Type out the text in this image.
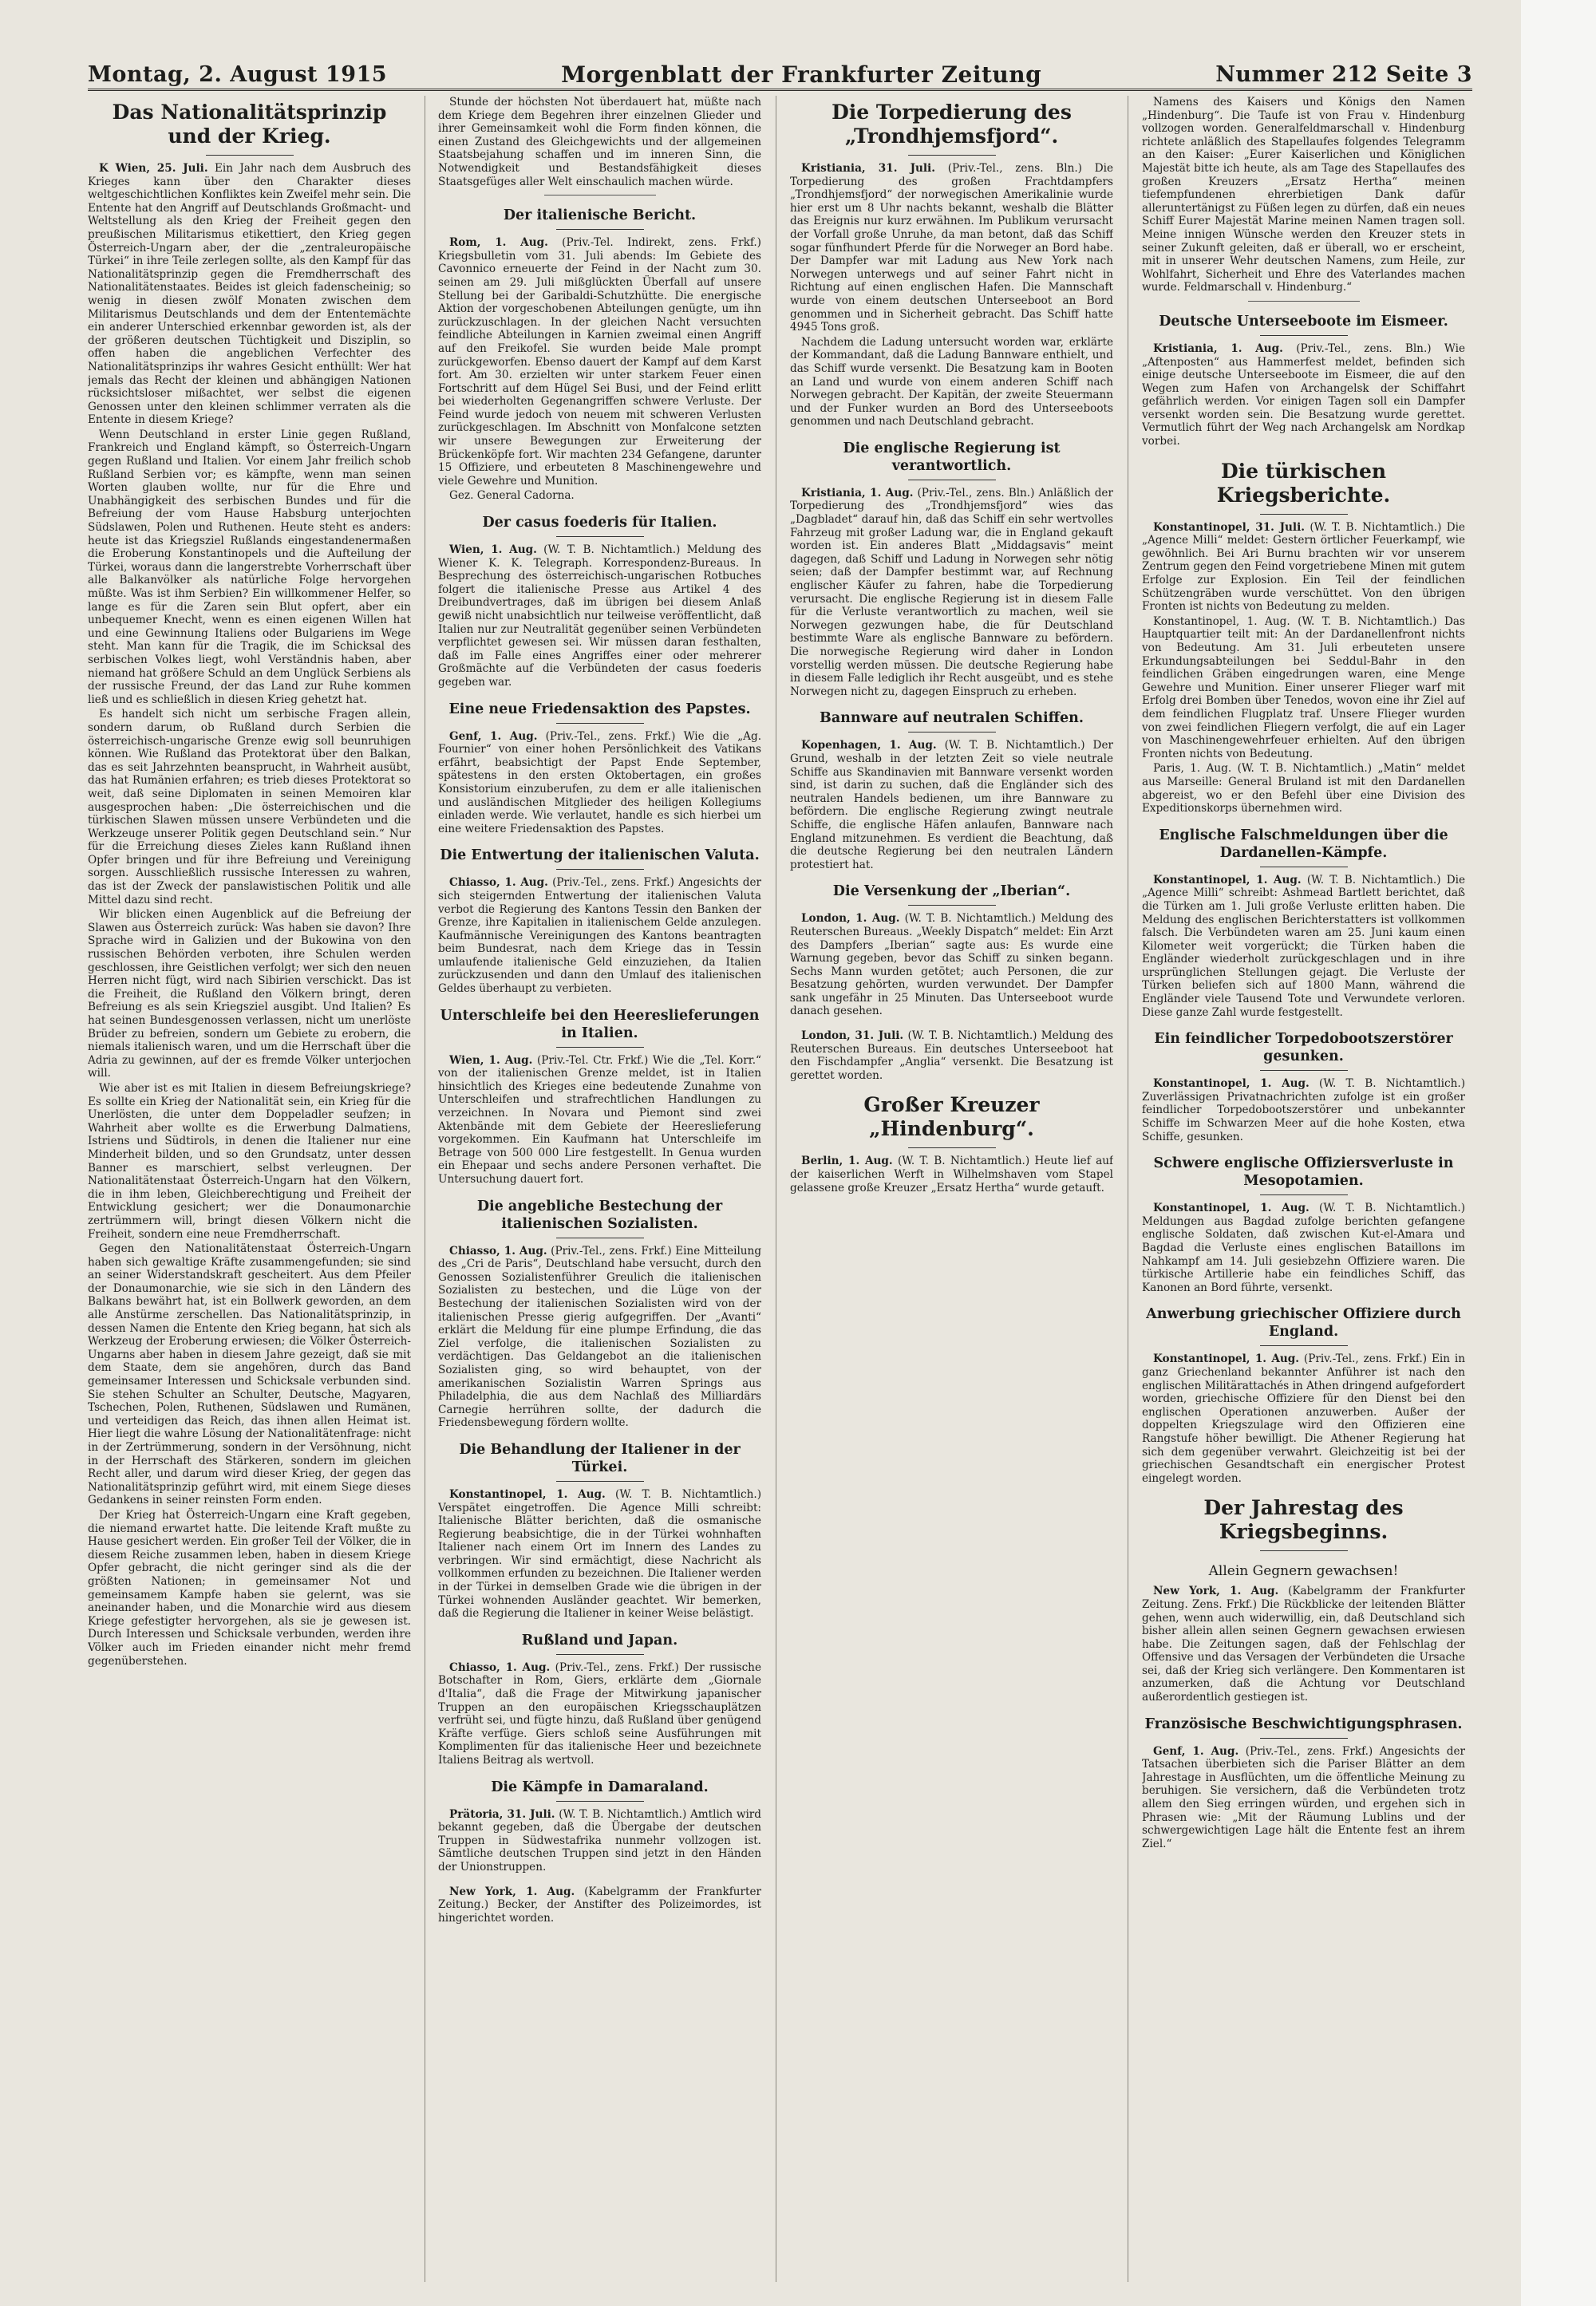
Montag, 2. August 1915	Morgenblatt der Frankfurter Zeitung	Nummer 212 Seite 3
Das Nationalitätsprinzip und der Krieg.

K Wien, 25. Juli. Ein Jahr nach dem Ausbruch des Krieges kann über den Charakter dieses weltgeschichtlichen Konfliktes kein Zweifel mehr sein. Die Entente hat den Angriff auf Deutschlands Großmacht- und Weltstellung als den Krieg der Freiheit gegen den preußischen Militarismus etikettiert, den Krieg gegen Österreich-Ungarn aber, der die „zentraleuropäische Türkei“ in ihre Teile zerlegen sollte, als den Kampf für das Nationalitätsprinzip gegen die Fremdherrschaft des Nationalitätenstaates. Beides ist gleich fadenscheinig; so wenig in diesen zwölf Monaten zwischen dem Militarismus Deutschlands und dem der Ententemächte ein anderer Unterschied erkennbar geworden ist, als der der größeren deutschen Tüchtigkeit und Disziplin, so offen haben die angeblichen Verfechter des Nationalitätsprinzips ihr wahres Gesicht enthüllt: Wer hat jemals das Recht der kleinen und abhängigen Nationen rücksichtsloser mißachtet, wer selbst die eigenen Genossen unter den kleinen schlimmer verraten als die Entente in diesem Kriege?

Wenn Deutschland in erster Linie gegen Rußland, Frankreich und England kämpft, so Österreich-Ungarn gegen Rußland und Italien. Vor einem Jahr freilich schob Rußland Serbien vor; es kämpfte, wenn man seinen Worten glauben wollte, nur für die Ehre und Unabhängigkeit des serbischen Bundes und für die Befreiung der vom Hause Habsburg unterjochten Südslawen, Polen und Ruthenen. Heute steht es anders: heute ist das Kriegsziel Rußlands eingestandenermaßen die Eroberung Konstantinopels und die Aufteilung der Türkei, woraus dann die langerstrebte Vorherrschaft über alle Balkanvölker als natürliche Folge hervorgehen müßte. Was ist ihm Serbien? Ein willkommener Helfer, so lange es für die Zaren sein Blut opfert, aber ein unbequemer Knecht, wenn es einen eigenen Willen hat und eine Gewinnung Italiens oder Bulgariens im Wege steht. Man kann für die Tragik, die im Schicksal des serbischen Volkes liegt, wohl Verständnis haben, aber niemand hat größere Schuld an dem Unglück Serbiens als der russische Freund, der das Land zur Ruhe kommen ließ und es schließlich in diesen Krieg gehetzt hat.

Es handelt sich nicht um serbische Fragen allein, sondern darum, ob Rußland durch Serbien die österreichisch-ungarische Grenze ewig soll beunruhigen können. Wie Rußland das Protektorat über den Balkan, das es seit Jahrzehnten beansprucht, in Wahrheit ausübt, das hat Rumänien erfahren; es trieb dieses Protektorat so weit, daß seine Diplomaten in seinen Memoiren klar ausgesprochen haben: „Die österreichischen und die türkischen Slawen müssen unsere Verbündeten und die Werkzeuge unserer Politik gegen Deutschland sein.“ Nur für die Erreichung dieses Zieles kann Rußland ihnen Opfer bringen und für ihre Befreiung und Vereinigung sorgen. Ausschließlich russische Interessen zu wahren, das ist der Zweck der panslawistischen Politik und alle Mittel dazu sind recht.

Wir blicken einen Augenblick auf die Befreiung der Slawen aus Österreich zurück: Was haben sie davon? Ihre Sprache wird in Galizien und der Bukowina von den russischen Behörden verboten, ihre Schulen werden geschlossen, ihre Geistlichen verfolgt; wer sich den neuen Herren nicht fügt, wird nach Sibirien verschickt. Das ist die Freiheit, die Rußland den Völkern bringt, deren Befreiung es als sein Kriegsziel ausgibt. Und Italien? Es hat seinen Bundesgenossen verlassen, nicht um unerlöste Brüder zu befreien, sondern um Gebiete zu erobern, die niemals italienisch waren, und um die Herrschaft über die Adria zu gewinnen, auf der es fremde Völker unterjochen will.

Wie aber ist es mit Italien in diesem Befreiungskriege? Es sollte ein Krieg der Nationalität sein, ein Krieg für die Unerlösten, die unter dem Doppeladler seufzen; in Wahrheit aber wollte es die Erwerbung Dalmatiens, Istriens und Südtirols, in denen die Italiener nur eine Minderheit bilden, und so den Grundsatz, unter dessen Banner es marschiert, selbst verleugnen. Der Nationalitätenstaat Österreich-Ungarn hat den Völkern, die in ihm leben, Gleichberechtigung und Freiheit der Entwicklung gesichert; wer die Donaumonarchie zertrümmern will, bringt diesen Völkern nicht die Freiheit, sondern eine neue Fremdherrschaft.

Gegen den Nationalitätenstaat Österreich-Ungarn haben sich gewaltige Kräfte zusammengefunden; sie sind an seiner Widerstandskraft gescheitert. Aus dem Pfeiler der Donaumonarchie, wie sie sich in den Ländern des Balkans bewährt hat, ist ein Bollwerk geworden, an dem alle Anstürme zerschellen. Das Nationalitätsprinzip, in dessen Namen die Entente den Krieg begann, hat sich als Werkzeug der Eroberung erwiesen; die Völker Österreich-Ungarns aber haben in diesem Jahre gezeigt, daß sie mit dem Staate, dem sie angehören, durch das Band gemeinsamer Interessen und Schicksale verbunden sind. Sie stehen Schulter an Schulter, Deutsche, Magyaren, Tschechen, Polen, Ruthenen, Südslawen und Rumänen, und verteidigen das Reich, das ihnen allen Heimat ist. Hier liegt die wahre Lösung der Nationalitätenfrage: nicht in der Zertrümmerung, sondern in der Versöhnung, nicht in der Herrschaft des Stärkeren, sondern im gleichen Recht aller, und darum wird dieser Krieg, der gegen das Nationalitätsprinzip geführt wird, mit einem Siege dieses Gedankens in seiner reinsten Form enden.

Der Krieg hat Österreich-Ungarn eine Kraft gegeben, die niemand erwartet hatte. Die leitende Kraft mußte zu Hause gesichert werden. Ein großer Teil der Völker, die in diesem Reiche zusammen leben, haben in diesem Kriege Opfer gebracht, die nicht geringer sind als die der größten Nationen; in gemeinsamer Not und gemeinsamem Kampfe haben sie gelernt, was sie aneinander haben, und die Monarchie wird aus diesem Kriege gefestigter hervorgehen, als sie je gewesen ist. Durch Interessen und Schicksale verbunden, werden ihre Völker auch im Frieden einander nicht mehr fremd gegenüberstehen.

Stunde der höchsten Not überdauert hat, müßte nach dem Kriege dem Begehren ihrer einzelnen Glieder und ihrer Gemeinsamkeit wohl die Form finden können, die einen Zustand des Gleichgewichts und der allgemeinen Staatsbejahung schaffen und im inneren Sinn, die Notwendigkeit und Bestandsfähigkeit dieses Staatsgefüges aller Welt einschaulich machen würde.

Der italienische Bericht.

Rom, 1. Aug. (Priv.-Tel. Indirekt, zens. Frkf.) Kriegsbulletin vom 31. Juli abends: Im Gebiete des Cavonnico erneuerte der Feind in der Nacht zum 30. seinen am 29. Juli mißglückten Überfall auf unsere Stellung bei der Garibaldi-Schutzhütte. Die energische Aktion der vorgeschobenen Abteilungen genügte, um ihn zurückzuschlagen. In der gleichen Nacht versuchten feindliche Abteilungen in Karnien zweimal einen Angriff auf den Freikofel. Sie wurden beide Male prompt zurückgeworfen. Ebenso dauert der Kampf auf dem Karst fort. Am 30. erzielten wir unter starkem Feuer einen Fortschritt auf dem Hügel Sei Busi, und der Feind erlitt bei wiederholten Gegenangriffen schwere Verluste. Der Feind wurde jedoch von neuem mit schweren Verlusten zurückgeschlagen. Im Abschnitt von Monfalcone setzten wir unsere Bewegungen zur Erweiterung der Brückenköpfe fort. Wir machten 234 Gefangene, darunter 15 Offiziere, und erbeuteten 8 Maschinengewehre und viele Gewehre und Munition.

Gez. General Cadorna.

Der casus foederis für Italien.

Wien, 1. Aug. (W. T. B. Nichtamtlich.) Meldung des Wiener K. K. Telegraph. Korrespondenz-Bureaus. In Besprechung des österreichisch-ungarischen Rotbuches folgert die italienische Presse aus Artikel 4 des Dreibundvertrages, daß im übrigen bei diesem Anlaß gewiß nicht unabsichtlich nur teilweise veröffentlicht, daß Italien nur zur Neutralität gegenüber seinen Verbündeten verpflichtet gewesen sei. Wir müssen daran festhalten, daß im Falle eines Angriffes einer oder mehrerer Großmächte auf die Verbündeten der casus foederis gegeben war.

Eine neue Friedensaktion des Papstes.

Genf, 1. Aug. (Priv.-Tel., zens. Frkf.) Wie die „Ag. Fournier“ von einer hohen Persönlichkeit des Vatikans erfährt, beabsichtigt der Papst Ende September, spätestens in den ersten Oktobertagen, ein großes Konsistorium einzuberufen, zu dem er alle italienischen und ausländischen Mitglieder des heiligen Kollegiums einladen werde. Wie verlautet, handle es sich hierbei um eine weitere Friedensaktion des Papstes.

Die Entwertung der italienischen Valuta.

Chiasso, 1. Aug. (Priv.-Tel., zens. Frkf.) Angesichts der sich steigernden Entwertung der italienischen Valuta verbot die Regierung des Kantons Tessin den Banken der Grenze, ihre Kapitalien in italienischem Gelde anzulegen. Kaufmännische Vereinigungen des Kantons beantragten beim Bundesrat, nach dem Kriege das in Tessin umlaufende italienische Geld einzuziehen, da Italien zurückzusenden und dann den Umlauf des italienischen Geldes überhaupt zu verbieten.

Unterschleife bei den Heereslieferungen in Italien.

Wien, 1. Aug. (Priv.-Tel. Ctr. Frkf.) Wie die „Tel. Korr.“ von der italienischen Grenze meldet, ist in Italien hinsichtlich des Krieges eine bedeutende Zunahme von Unterschleifen und strafrechtlichen Handlungen zu verzeichnen. In Novara und Piemont sind zwei Aktenbände mit dem Gebiete der Heereslieferung vorgekommen. Ein Kaufmann hat Unterschleife im Betrage von 500 000 Lire festgestellt. In Genua wurden ein Ehepaar und sechs andere Personen verhaftet. Die Untersuchung dauert fort.

Die angebliche Bestechung der italienischen Sozialisten.

Chiasso, 1. Aug. (Priv.-Tel., zens. Frkf.) Eine Mitteilung des „Cri de Paris“, Deutschland habe versucht, durch den Genossen Sozialistenführer Greulich die italienischen Sozialisten zu bestechen, und die Lüge von der Bestechung der italienischen Sozialisten wird von der italienischen Presse gierig aufgegriffen. Der „Avanti“ erklärt die Meldung für eine plumpe Erfindung, die das Ziel verfolge, die italienischen Sozialisten zu verdächtigen. Das Geldangebot an die italienischen Sozialisten ging, so wird behauptet, von der amerikanischen Sozialistin Warren Springs aus Philadelphia, die aus dem Nachlaß des Milliardärs Carnegie herrühren sollte, der dadurch die Friedensbewegung fördern wollte.

Die Behandlung der Italiener in der Türkei.

Konstantinopel, 1. Aug. (W. T. B. Nichtamtlich.) Verspätet eingetroffen. Die Agence Milli schreibt: Italienische Blätter berichten, daß die osmanische Regierung beabsichtige, die in der Türkei wohnhaften Italiener nach einem Ort im Innern des Landes zu verbringen. Wir sind ermächtigt, diese Nachricht als vollkommen erfunden zu bezeichnen. Die Italiener werden in der Türkei in demselben Grade wie die übrigen in der Türkei wohnenden Ausländer geachtet. Wir bemerken, daß die Regierung die Italiener in keiner Weise belästigt.

Rußland und Japan.

Chiasso, 1. Aug. (Priv.-Tel., zens. Frkf.) Der russische Botschafter in Rom, Giers, erklärte dem „Giornale d'Italia“, daß die Frage der Mitwirkung japanischer Truppen an den europäischen Kriegsschauplätzen verfrüht sei, und fügte hinzu, daß Rußland über genügend Kräfte verfüge. Giers schloß seine Ausführungen mit Komplimenten für das italienische Heer und bezeichnete Italiens Beitrag als wertvoll.

Die Kämpfe in Damaraland.

Prätoria, 31. Juli. (W. T. B. Nichtamtlich.) Amtlich wird bekannt gegeben, daß die Übergabe der deutschen Truppen in Südwestafrika nunmehr vollzogen ist. Sämtliche deutschen Truppen sind jetzt in den Händen der Unionstruppen.

New York, 1. Aug. (Kabelgramm der Frankfurter Zeitung.) Becker, der Anstifter des Polizeimordes, ist hingerichtet worden.

Die Torpedierung des „Trondhjemsfjord“.

Kristiania, 31. Juli. (Priv.-Tel., zens. Bln.) Die Torpedierung des großen Frachtdampfers „Trondhjemsfjord“ der norwegischen Amerikalinie wurde hier erst um 8 Uhr nachts bekannt, weshalb die Blätter das Ereignis nur kurz erwähnen. Im Publikum verursacht der Vorfall große Unruhe, da man betont, daß das Schiff sogar fünfhundert Pferde für die Norweger an Bord habe. Der Dampfer war mit Ladung aus New York nach Norwegen unterwegs und auf seiner Fahrt nicht in Richtung auf einen englischen Hafen. Die Mannschaft wurde von einem deutschen Unterseeboot an Bord genommen und in Sicherheit gebracht. Das Schiff hatte 4945 Tons groß.

Nachdem die Ladung untersucht worden war, erklärte der Kommandant, daß die Ladung Bannware enthielt, und das Schiff wurde versenkt. Die Besatzung kam in Booten an Land und wurde von einem anderen Schiff nach Norwegen gebracht. Der Kapitän, der zweite Steuermann und der Funker wurden an Bord des Unterseeboots genommen und nach Deutschland gebracht.

Die englische Regierung ist verantwortlich.

Kristiania, 1. Aug. (Priv.-Tel., zens. Bln.) Anläßlich der Torpedierung des „Trondhjemsfjord“ wies das „Dagbladet“ darauf hin, daß das Schiff ein sehr wertvolles Fahrzeug mit großer Ladung war, die in England gekauft worden ist. Ein anderes Blatt „Middagsavis“ meint dagegen, daß Schiff und Ladung in Norwegen sehr nötig seien; daß der Dampfer bestimmt war, auf Rechnung englischer Käufer zu fahren, habe die Torpedierung verursacht. Die englische Regierung ist in diesem Falle für die Verluste verantwortlich zu machen, weil sie Norwegen gezwungen habe, die für Deutschland bestimmte Ware als englische Bannware zu befördern. Die norwegische Regierung wird daher in London vorstellig werden müssen. Die deutsche Regierung habe in diesem Falle lediglich ihr Recht ausgeübt, und es stehe Norwegen nicht zu, dagegen Einspruch zu erheben.

Bannware auf neutralen Schiffen.

Kopenhagen, 1. Aug. (W. T. B. Nichtamtlich.) Der Grund, weshalb in der letzten Zeit so viele neutrale Schiffe aus Skandinavien mit Bannware versenkt worden sind, ist darin zu suchen, daß die Engländer sich des neutralen Handels bedienen, um ihre Bannware zu befördern. Die englische Regierung zwingt neutrale Schiffe, die englische Häfen anlaufen, Bannware nach England mitzunehmen. Es verdient die Beachtung, daß die deutsche Regierung bei den neutralen Ländern protestiert hat.

Die Versenkung der „Iberian“.

London, 1. Aug. (W. T. B. Nichtamtlich.) Meldung des Reuterschen Bureaus. „Weekly Dispatch“ meldet: Ein Arzt des Dampfers „Iberian“ sagte aus: Es wurde eine Warnung gegeben, bevor das Schiff zu sinken begann. Sechs Mann wurden getötet; auch Personen, die zur Besatzung gehörten, wurden verwundet. Der Dampfer sank ungefähr in 25 Minuten. Das Unterseeboot wurde danach gesehen.

London, 31. Juli. (W. T. B. Nichtamtlich.) Meldung des Reuterschen Bureaus. Ein deutsches Unterseeboot hat den Fischdampfer „Anglia“ versenkt. Die Besatzung ist gerettet worden.

Großer Kreuzer „Hindenburg“.

Berlin, 1. Aug. (W. T. B. Nichtamtlich.) Heute lief auf der kaiserlichen Werft in Wilhelmshaven vom Stapel gelassene große Kreuzer „Ersatz Hertha“ wurde getauft.

Namens des Kaisers und Königs den Namen „Hindenburg“. Die Taufe ist von Frau v. Hindenburg vollzogen worden. Generalfeldmarschall v. Hindenburg richtete anläßlich des Stapellaufes folgendes Telegramm an den Kaiser: „Eurer Kaiserlichen und Königlichen Majestät bitte ich heute, als am Tage des Stapellaufes des großen Kreuzers „Ersatz Hertha“ meinen tiefempfundenen ehrerbietigen Dank dafür alleruntertänigst zu Füßen legen zu dürfen, daß ein neues Schiff Eurer Majestät Marine meinen Namen tragen soll. Meine innigen Wünsche werden den Kreuzer stets in seiner Zukunft geleiten, daß er überall, wo er erscheint, mit in unserer Wehr deutschen Namens, zum Heile, zur Wohlfahrt, Sicherheit und Ehre des Vaterlandes machen wurde. Feldmarschall v. Hindenburg.“

Deutsche Unterseeboote im Eismeer.

Kristiania, 1. Aug. (Priv.-Tel., zens. Bln.) Wie „Aftenposten“ aus Hammerfest meldet, befinden sich einige deutsche Unterseeboote im Eismeer, die auf den Wegen zum Hafen von Archangelsk der Schiffahrt gefährlich werden. Vor einigen Tagen soll ein Dampfer versenkt worden sein. Die Besatzung wurde gerettet. Vermutlich führt der Weg nach Archangelsk am Nordkap vorbei.

Die türkischen Kriegsberichte.

Konstantinopel, 31. Juli. (W. T. B. Nichtamtlich.) Die „Agence Milli“ meldet: Gestern örtlicher Feuerkampf, wie gewöhnlich. Bei Ari Burnu brachten wir vor unserem Zentrum gegen den Feind vorgetriebene Minen mit gutem Erfolge zur Explosion. Ein Teil der feindlichen Schützengräben wurde verschüttet. Von den übrigen Fronten ist nichts von Bedeutung zu melden.

Konstantinopel, 1. Aug. (W. T. B. Nichtamtlich.) Das Hauptquartier teilt mit: An der Dardanellenfront nichts von Bedeutung. Am 31. Juli erbeuteten unsere Erkundungsabteilungen bei Seddul-Bahr in den feindlichen Gräben eingedrungen waren, eine Menge Gewehre und Munition. Einer unserer Flieger warf mit Erfolg drei Bomben über Tenedos, wovon eine ihr Ziel auf dem feindlichen Flugplatz traf. Unsere Flieger wurden von zwei feindlichen Fliegern verfolgt, die auf ein Lager von Maschinengewehrfeuer erhielten. Auf den übrigen Fronten nichts von Bedeutung.

Paris, 1. Aug. (W. T. B. Nichtamtlich.) „Matin“ meldet aus Marseille: General Bruland ist mit den Dardanellen abgereist, wo er den Befehl über eine Division des Expeditionskorps übernehmen wird.

Englische Falschmeldungen über die Dardanellen-Kämpfe.

Konstantinopel, 1. Aug. (W. T. B. Nichtamtlich.) Die „Agence Milli“ schreibt: Ashmead Bartlett berichtet, daß die Türken am 1. Juli große Verluste erlitten haben. Die Meldung des englischen Berichterstatters ist vollkommen falsch. Die Verbündeten waren am 25. Juni kaum einen Kilometer weit vorgerückt; die Türken haben die Engländer wiederholt zurückgeschlagen und in ihre ursprünglichen Stellungen gejagt. Die Verluste der Türken beliefen sich auf 1800 Mann, während die Engländer viele Tausend Tote und Verwundete verloren. Diese ganze Zahl wurde festgestellt.

Ein feindlicher Torpedobootszerstörer gesunken.

Konstantinopel, 1. Aug. (W. T. B. Nichtamtlich.) Zuverlässigen Privatnachrichten zufolge ist ein großer feindlicher Torpedobootszerstörer und unbekannter Schiffe im Schwarzen Meer auf die hohe Kosten, etwa Schiffe, gesunken.

Schwere englische Offiziersverluste in Mesopotamien.

Konstantinopel, 1. Aug. (W. T. B. Nichtamtlich.) Meldungen aus Bagdad zufolge berichten gefangene englische Soldaten, daß zwischen Kut-el-Amara und Bagdad die Verluste eines englischen Bataillons im Nahkampf am 14. Juli gesiebzehn Offiziere waren. Die türkische Artillerie habe ein feindliches Schiff, das Kanonen an Bord führte, versenkt.

Anwerbung griechischer Offiziere durch England.

Konstantinopel, 1. Aug. (Priv.-Tel., zens. Frkf.) Ein in ganz Griechenland bekannter Anführer ist nach den englischen Militärattachés in Athen dringend aufgefordert worden, griechische Offiziere für den Dienst bei den englischen Operationen anzuwerben. Außer der doppelten Kriegszulage wird den Offizieren eine Rangstufe höher bewilligt. Die Athener Regierung hat sich dem gegenüber verwahrt. Gleichzeitig ist bei der griechischen Gesandtschaft ein energischer Protest eingelegt worden.

Der Jahrestag des Kriegsbeginns.
Allein Gegnern gewachsen!

New York, 1. Aug. (Kabelgramm der Frankfurter Zeitung. Zens. Frkf.) Die Rückblicke der leitenden Blätter gehen, wenn auch widerwillig, ein, daß Deutschland sich bisher allein allen seinen Gegnern gewachsen erwiesen habe. Die Zeitungen sagen, daß der Fehlschlag der Offensive und das Versagen der Verbündeten die Ursache sei, daß der Krieg sich verlängere. Den Kommentaren ist anzumerken, daß die Achtung vor Deutschland außerordentlich gestiegen ist.

Französische Beschwichtigungsphrasen.

Genf, 1. Aug. (Priv.-Tel., zens. Frkf.) Angesichts der Tatsachen überbieten sich die Pariser Blätter an dem Jahrestage in Ausflüchten, um die öffentliche Meinung zu beruhigen. Sie versichern, daß die Verbündeten trotz allem den Sieg erringen würden, und ergehen sich in Phrasen wie: „Mit der Räumung Lublins und der schwergewichtigen Lage hält die Entente fest an ihrem Ziel.“
